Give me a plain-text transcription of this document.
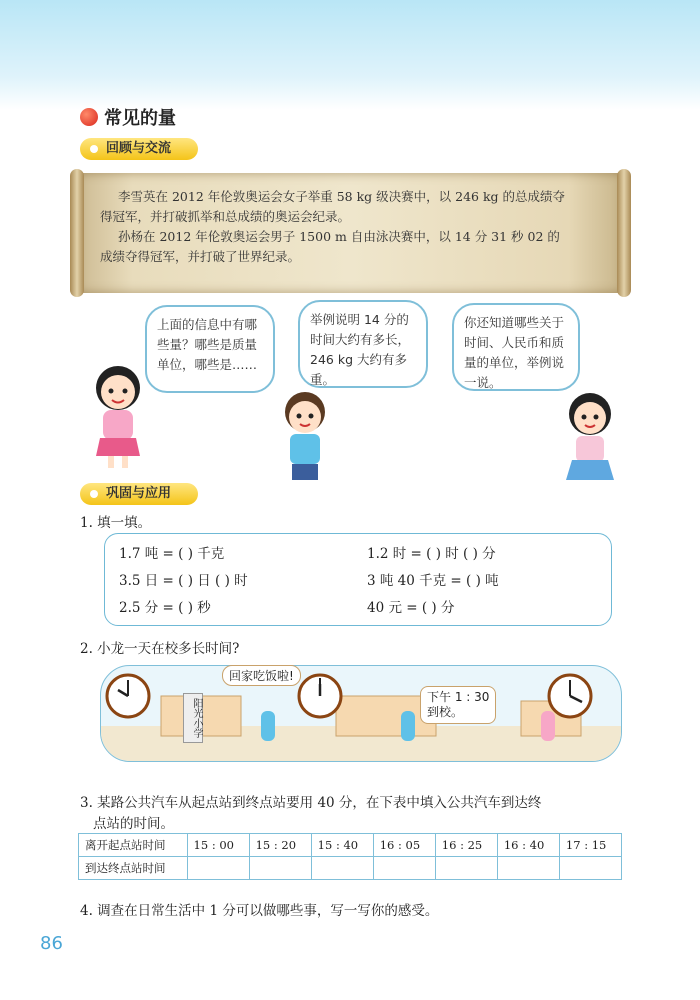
常见的量
回顾与交流

李雪英在 2012 年伦敦奥运会女子举重 58 kg 级决赛中，以 246 kg 的总成绩夺

得冠军，并打破抓举和总成绩的奥运会纪录。

孙杨在 2012 年伦敦奥运会男子 1500 m 自由泳决赛中，以 14 分 31 秒 02 的

成绩夺得冠军，并打破了世界纪录。

上面的信息中有哪些量？哪些是质量单位，哪些是……
举例说明 14 分的时间大约有多长，246 kg 大约有多重。
你还知道哪些关于时间、人民币和质量的单位，举例说一说。
巩固与应用
1. 填一填。
1.7 吨 = ( ) 千克	1.2 时 = ( ) 时 ( ) 分
3.5 日 = ( ) 日 ( ) 时	3 吨 40 千克 = ( ) 吨
2.5 分 = ( ) 秒	40 元 = ( ) 分
2. 小龙一天在校多长时间?
阳光小学
回家吃饭啦!
下午 1 : 30
到校。
3. 某路公共汽车从起点站到终点站要用 40 分，在下表中填入公共汽车到达终
点站的时间。
离开起点站时间	15 : 00	15 : 20	15 : 40	16 : 05	16 : 25	16 : 40	17 : 15
到达终点站时间							
4. 调查在日常生活中 1 分可以做哪些事，写一写你的感受。
86
